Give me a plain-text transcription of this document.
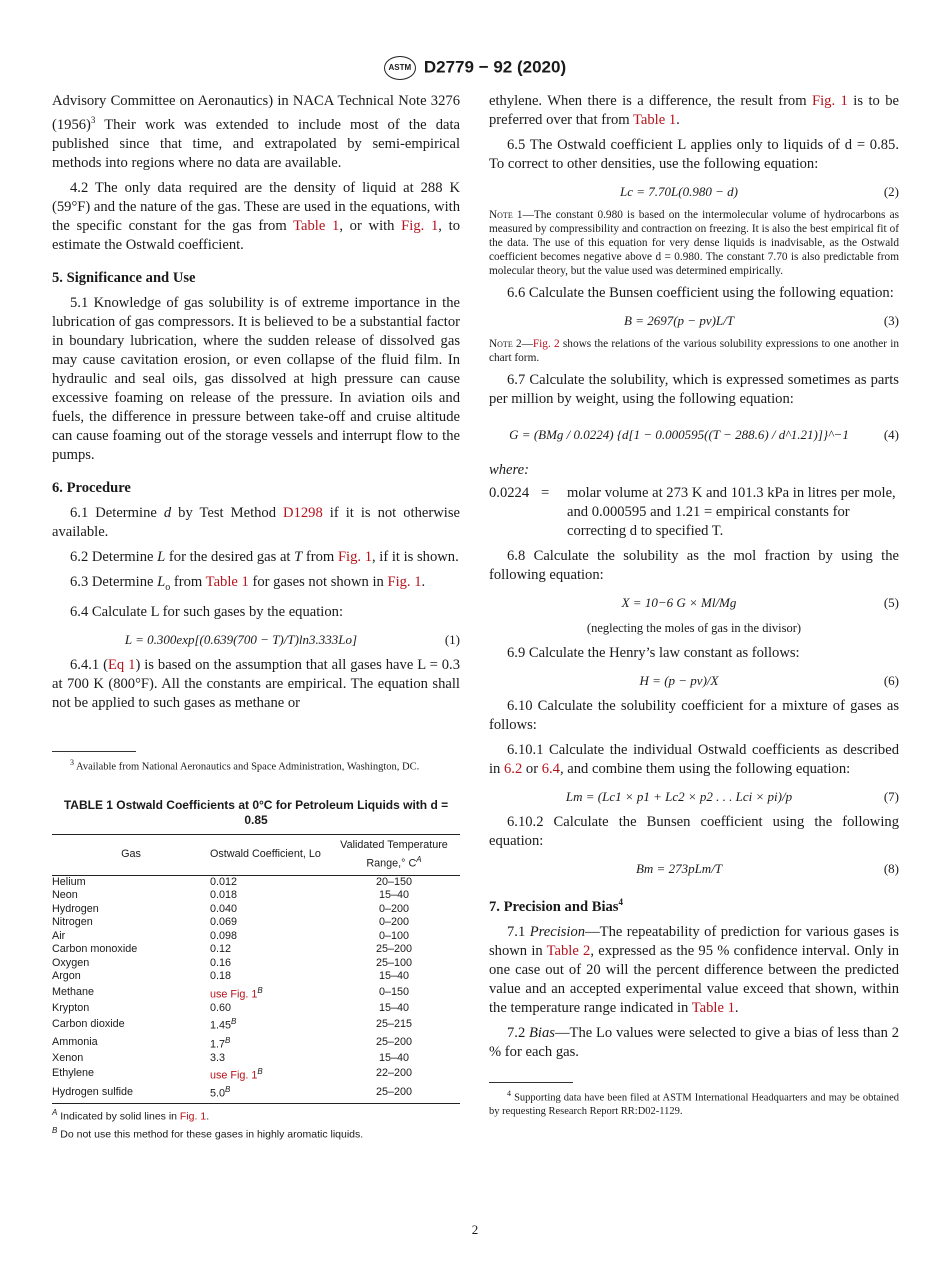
ASTM D2779 − 92 (2020)

Advisory Committee on Aeronautics) in NACA Technical Note 3276 $(1956)^3$ Their work was extended to include most of the data published since that time, and extrapolated by semi-empirical methods into regions where no data are available.

4.2 The only data required are the density of liquid at 288 K (59°F) and the nature of the gas. These are used in the equations, with the specific constant for the gas from Table 1, or with Fig. 1, to estimate the Ostwald coefficient.

5. Significance and Use

5.1 Knowledge of gas solubility is of extreme importance in the lubrication of gas compressors. It is believed to be a substantial factor in boundary lubrication, where the sudden release of dissolved gas may cause cavitation erosion, or even collapse of the fluid film. In hydraulic and seal oils, gas dissolved at high pressure can cause excessive foaming on release of the pressure. In aviation oils and fuels, the difference in pressure between take-off and cruise altitude can cause foaming out of the storage vessels and interrupt flow to the pumps.

6. Procedure

6.1 Determine d by Test Method D1298 if it is not otherwise available.

6.2 Determine L for the desired gas at T from Fig. 1, if it is shown.

6.3 Determine $L_o$ from Table 1 for gases not shown in Fig. 1.

6.4 Calculate L for such gases by the equation:

L = 0.300exp[(0.639(700 − T)/T)ln3.333Lo]	(1)

6.4.1 (Eq 1) is based on the assumption that all gases have L = 0.3 at 700 K (800°F). All the constants are empirical. The equation shall not be applied to such gases as methane or

$^3$ Available from National Aeronautics and Space Administration, Washington, DC.
TABLE 1 Ostwald Coefficients at 0°C for Petroleum Liquids with d = 0.85
Gas	Ostwald Coefficient, Lo	Validated Temperature Range,° $C^A$
Helium	0.012	20–150
Neon	0.018	15–40
Hydrogen	0.040	0–200
Nitrogen	0.069	0–200
Air	0.098	0–100
Carbon monoxide	0.12	25–200
Oxygen	0.16	25–100
Argon	0.18	15–40
Methane	use Fig. $1^B$	0–150
Krypton	0.60	15–40
Carbon dioxide	$1.45^B$	25–215
Ammonia	$1.7^B$	25–200
Xenon	3.3	15–40
Ethylene	use Fig. $1^B$	22–200
Hydrogen sulfide	$5.0^B$	25–200
$^A$ Indicated by solid lines in Fig. 1.
$^B$ Do not use this method for these gases in highly aromatic liquids.

ethylene. When there is a difference, the result from Fig. 1 is to be preferred over that from Table 1.

6.5 The Ostwald coefficient L applies only to liquids of d = 0.85. To correct to other densities, use the following equation:

Lc = 7.70L(0.980 − d)	(2)
Note 1—The constant 0.980 is based on the intermolecular volume of hydrocarbons as measured by compressibility and contraction on freezing. It is also the best empirical fit of the data. The use of this equation for very dense liquids is inadvisable, as the Ostwald coefficient becomes negative above d = 0.980. The constant 7.70 is also predictable from molecular theory, but the value used was determined empirically.

6.6 Calculate the Bunsen coefficient using the following equation:

B = 2697(p − pv)L/T	(3)
Note 2—Fig. 2 shows the relations of the various solubility expressions to one another in chart form.

6.7 Calculate the solubility, which is expressed sometimes as parts per million by weight, using the following equation:

G = (BMg / 0.0224) {d[1 − 0.000595((T − 288.6) / d^1.21)]}^−1	(4)
where:
0.0224 =	molar volume at 273 K and 101.3 kPa in litres per mole, and 0.000595 and 1.21 = empirical constants for correcting d to specified T.

6.8 Calculate the solubility as the mol fraction by using the following equation:

X = 10−6 G × Ml/Mg	(5)
(neglecting the moles of gas in the divisor)

6.9 Calculate the Henry’s law constant as follows:

H = (p − pv)/X	(6)

6.10 Calculate the solubility coefficient for a mixture of gases as follows:

6.10.1 Calculate the individual Ostwald coefficients as described in 6.2 or 6.4, and combine them using the following equation:

Lm = (Lc1 × p1 + Lc2 × p2 . . . Lci × pi)/p	(7)

6.10.2 Calculate the Bunsen coefficient using the following equation:

Bm = 273pLm/T	(8)
7. Precision and Bias$^4$

7.1 Precision—The repeatability of prediction for various gases is shown in Table 2, expressed as the 95 % confidence interval. Only in one case out of 20 will the percent difference between the predicted value and an accepted experimental value exceed that shown, within the temperature range indicated in Table 1.

7.2 Bias—The Lo values were selected to give a bias of less than 2 % for each gas.

$^4$ Supporting data have been filed at ASTM International Headquarters and may be obtained by requesting Research Report RR:D02-1129.
2
